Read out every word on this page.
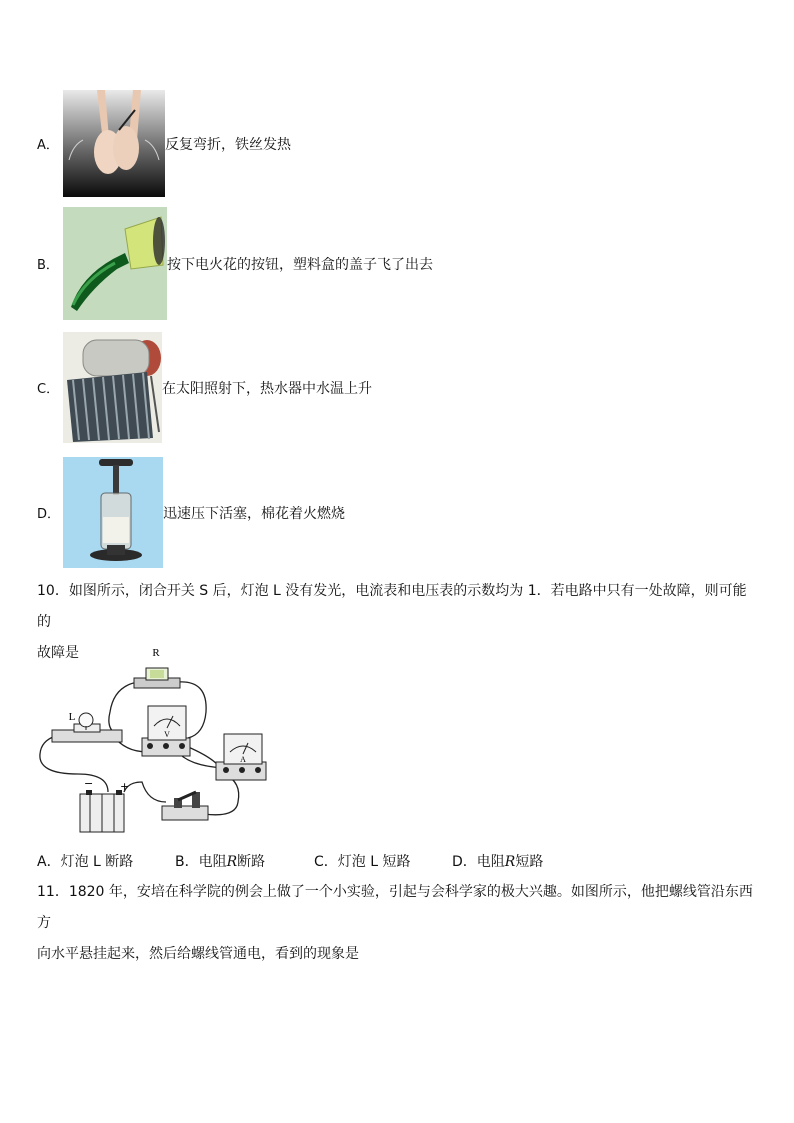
A．	反复弯折，铁丝发热
B．	按下电火花的按钮，塑料盒的盖子飞了出去
C．	在太阳照射下，热水器中水温上升
D．	迅速压下活塞，棉花着火燃烧
10．如图所示，闭合开关 S 后，灯泡 L 没有发光，电流表和电压表的示数均为 1．若电路中只有一处故障，则可能的
故障是	R
L
V
A
− +
A．灯泡 L 断路	B．电阻R断路	C．灯泡 L 短路	D．电阻R短路
11．1820 年，安培在科学院的例会上做了一个小实验，引起与会科学家的极大兴趣。如图所示，他把螺线管沿东西方
向水平悬挂起来，然后给螺线管通电，看到的现象是
